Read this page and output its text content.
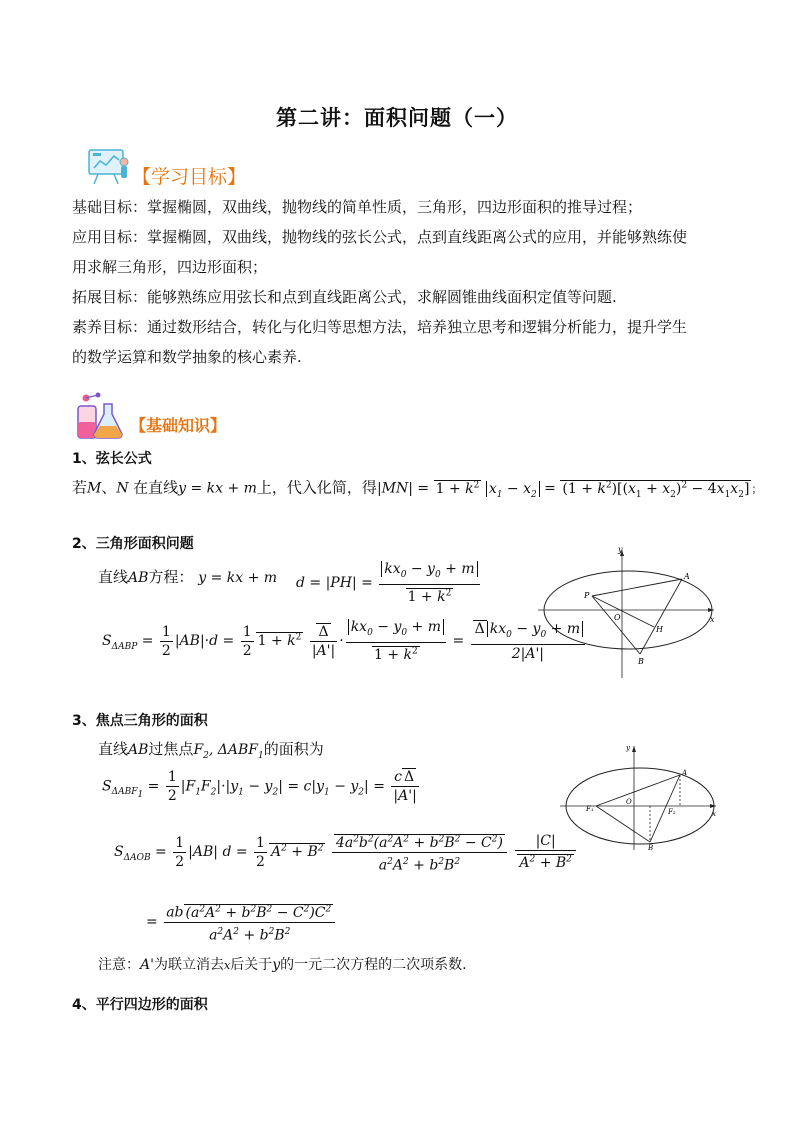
第二讲：面积问题（一）
【学习目标】
基础目标：掌握椭圆，双曲线，抛物线的简单性质，三角形，四边形面积的推导过程；
应用目标：掌握椭圆，双曲线，抛物线的弦长公式，点到直线距离公式的应用，并能够熟练使
用求解三角形，四边形面积；
拓展目标：能够熟练应用弦长和点到直线距离公式，求解圆锥曲线面积定值等问题.
素养目标：通过数形结合，转化与化归等思想方法，培养独立思考和逻辑分析能力，提升学生
的数学运算和数学抽象的核心素养.
【基础知识】
1、弦长公式
若M、N 在直线y = kx + m上，代入化简，得$|MN| = 1 + k^2$ $x_1 - x_2 = (1 + k^2)[(x_1 + x_2)^2 - 4x_1x_2]$ ；
2、三角形面积问题
直线AB方程： y = kx + m $d = |PH| = \frac{kx_0 - y_0 + m}{1 + k^2}$
$S_{\Delta ABP} = \frac{1}{2} |AB|\cdot d = \frac{1}{2} 1 + k^2 \frac{\Delta}{|A'|} \cdot \frac{kx_0 - y_0 + m}{1 + k^2} = \frac{\Delta kx_0 - y_0 + m}{2|A'|}$
y
x
P
A
O
H
B
3、焦点三角形的面积
直线AB过焦点$F_2$, $\Delta ABF_1$的面积为
$S_{\Delta ABF_1} = \frac{1}{2} |F_1F_2|\cdot|y_1 - y_2| = c|y_1 - y_2| = \frac{\text{c Δ}}{|A'|}$
$S_{\Delta AOB} = \frac{1}{2} |AB|$ $d = \frac{1}{2} A^2 + B^2 \frac{4a^2b^2(a^2A^2 + b^2B^2 - C^2)}{a^2A^2 + b^2B^2}$
$\frac{|C|}{A^2 + B^2}$
= $\frac{ab (a^2A^2 + b^2B^2 - C^2)C^2}{a^2A^2 + b^2B^2}$
注意：A'为联立消去x后关于y的一元二次方程的二次项系数.
y
x
A
F₁
O
F₂
B
4、平行四边形的面积
